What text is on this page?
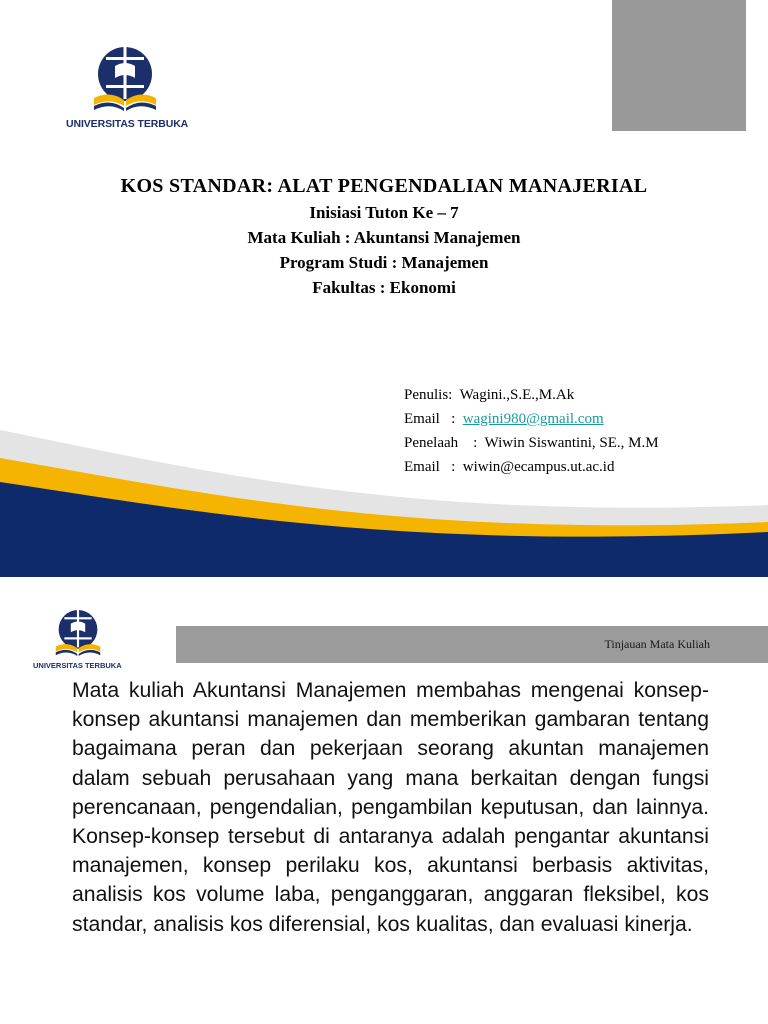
UNIVERSITAS TERBUKA
KOS STANDAR: ALAT PENGENDALIAN MANAJERIAL
Inisiasi Tuton Ke – 7
Mata Kuliah : Akuntansi Manajemen
Program Studi : Manajemen
Fakultas : Ekonomi
Penulis: Wagini.,S.E.,M.Ak
Email   :  wagini980@gmail.com
Penelaah    :  Wiwin Siswantini, SE., M.M
Email   :  wiwin@ecampus.ut.ac.id
UNIVERSITAS TERBUKA
Tinjauan Mata Kuliah

Mata kuliah Akuntansi Manajemen membahas mengenai konsep-konsep akuntansi manajemen dan memberikan gambaran tentang bagaimana peran dan pekerjaan seorang akuntan manajemen dalam sebuah perusahaan yang mana berkaitan dengan fungsi perencanaan, pengendalian, pengambilan keputusan, dan lainnya. Konsep-konsep tersebut di antaranya adalah pengantar akuntansi manajemen, konsep perilaku kos, akuntansi berbasis aktivitas, analisis kos volume laba, penganggaran, anggaran fleksibel, kos standar, analisis kos diferensial, kos kualitas, dan evaluasi kinerja.
